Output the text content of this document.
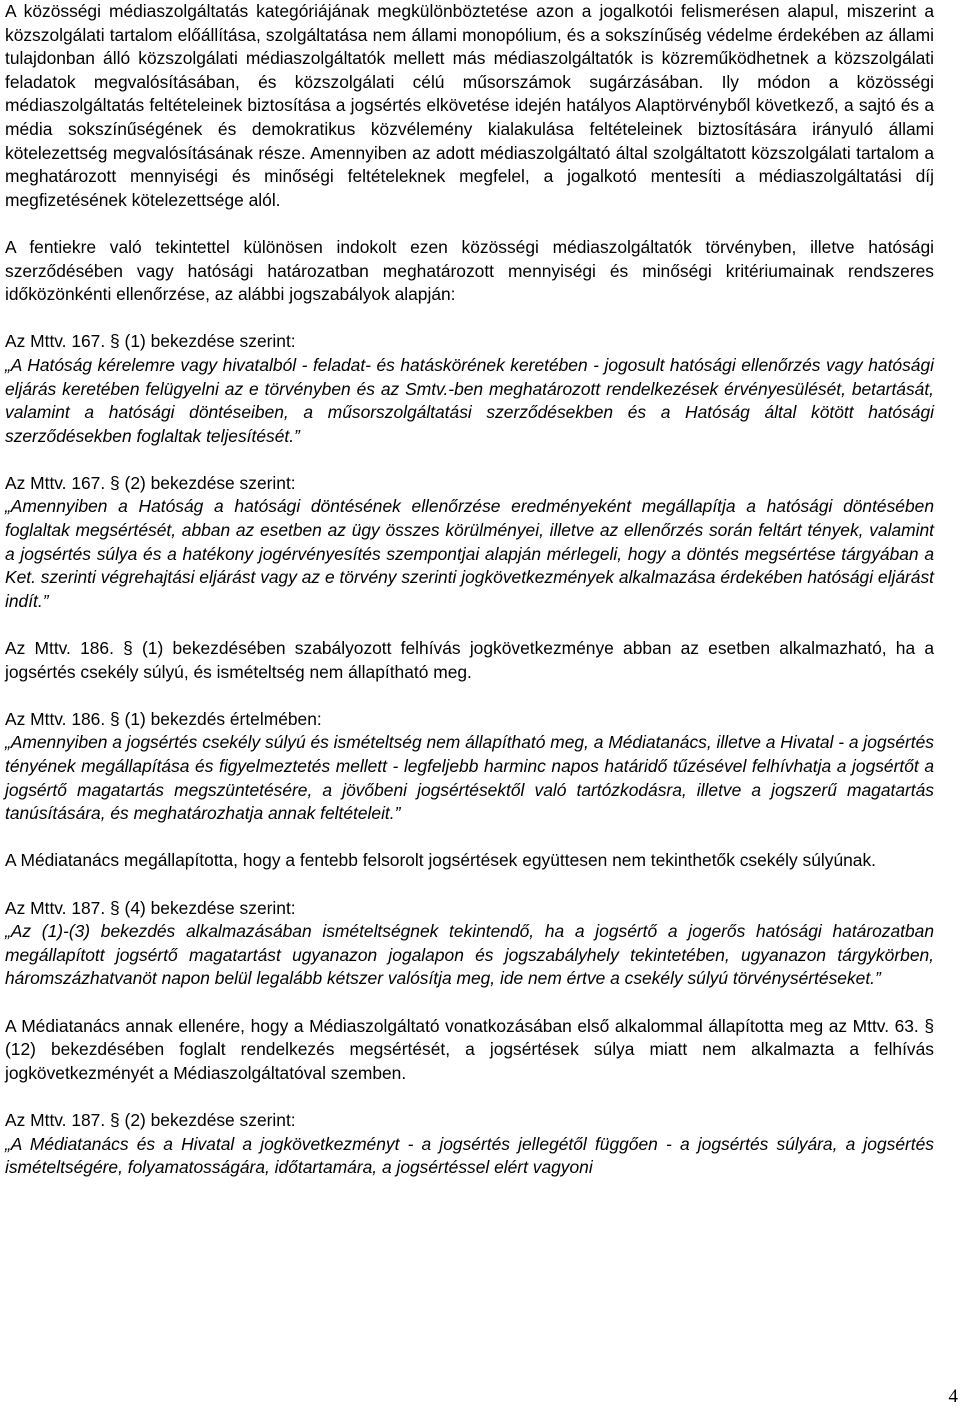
A közösségi médiaszolgáltatás kategóriájának megkülönböztetése azon a jogalkotói felismerésen alapul, miszerint a közszolgálati tartalom előállítása, szolgáltatása nem állami monopólium, és a sokszínűség védelme érdekében az állami tulajdonban álló közszolgálati médiaszolgáltatók mellett más médiaszolgáltatók is közreműködhetnek a közszolgálati feladatok megvalósításában, és közszolgálati célú műsorszámok sugárzásában. Ily módon a közösségi médiaszolgáltatás feltételeinek biztosítása a jogsértés elkövetése idején hatályos Alaptörvényből következő, a sajtó és a média sokszínűségének és demokratikus közvélemény kialakulása feltételeinek biztosítására irányuló állami kötelezettség megvalósításának része. Amennyiben az adott médiaszolgáltató által szolgáltatott közszolgálati tartalom a meghatározott mennyiségi és minőségi feltételeknek megfelel, a jogalkotó mentesíti a médiaszolgáltatási díj megfizetésének kötelezettsége alól.

A fentiekre való tekintettel különösen indokolt ezen közösségi médiaszolgáltatók törvényben, illetve hatósági szerződésében vagy hatósági határozatban meghatározott mennyiségi és minőségi kritériumainak rendszeres időközönkénti ellenőrzése, az alábbi jogszabályok alapján:

Az Mttv. 167. § (1) bekezdése szerint:

„A Hatóság kérelemre vagy hivatalból - feladat- és hatáskörének keretében - jogosult hatósági ellenőrzés vagy hatósági eljárás keretében felügyelni az e törvényben és az Smtv.-ben meghatározott rendelkezések érvényesülését, betartását, valamint a hatósági döntéseiben, a műsorszolgáltatási szerződésekben és a Hatóság által kötött hatósági szerződésekben foglaltak teljesítését.”

Az Mttv. 167. § (2) bekezdése szerint:

„Amennyiben a Hatóság a hatósági döntésének ellenőrzése eredményeként megállapítja a hatósági döntésében foglaltak megsértését, abban az esetben az ügy összes körülményei, illetve az ellenőrzés során feltárt tények, valamint a jogsértés súlya és a hatékony jogérvényesítés szempontjai alapján mérlegeli, hogy a döntés megsértése tárgyában a Ket. szerinti végrehajtási eljárást vagy az e törvény szerinti jogkövetkezmények alkalmazása érdekében hatósági eljárást indít.”

Az Mttv. 186. § (1) bekezdésében szabályozott felhívás jogkövetkezménye abban az esetben alkalmazható, ha a jogsértés csekély súlyú, és ismételtség nem állapítható meg.

Az Mttv. 186. § (1) bekezdés értelmében:

„Amennyiben a jogsértés csekély súlyú és ismételtség nem állapítható meg, a Médiatanács, illetve a Hivatal - a jogsértés tényének megállapítása és figyelmeztetés mellett - legfeljebb harminc napos határidő tűzésével felhívhatja a jogsértőt a jogsértő magatartás megszüntetésére, a jövőbeni jogsértésektől való tartózkodásra, illetve a jogszerű magatartás tanúsítására, és meghatározhatja annak feltételeit.”

A Médiatanács megállapította, hogy a fentebb felsorolt jogsértések együttesen nem tekinthetők csekély súlyúnak.

Az Mttv. 187. § (4) bekezdése szerint:

„Az (1)-(3) bekezdés alkalmazásában ismételtségnek tekintendő, ha a jogsértő a jogerős hatósági határozatban megállapított jogsértő magatartást ugyanazon jogalapon és jogszabályhely tekintetében, ugyanazon tárgykörben, háromszázhatvanöt napon belül legalább kétszer valósítja meg, ide nem értve a csekély súlyú törvénysértéseket.”

A Médiatanács annak ellenére, hogy a Médiaszolgáltató vonatkozásában első alkalommal állapította meg az Mttv. 63. § (12) bekezdésében foglalt rendelkezés megsértését, a jogsértések súlya miatt nem alkalmazta a felhívás jogkövetkezményét a Médiaszolgáltatóval szemben.

Az Mttv. 187. § (2) bekezdése szerint:

„A Médiatanács és a Hivatal a jogkövetkezményt - a jogsértés jellegétől függően - a jogsértés súlyára, a jogsértés ismételtségére, folyamatosságára, időtartamára, a jogsértéssel elért vagyoni

4
